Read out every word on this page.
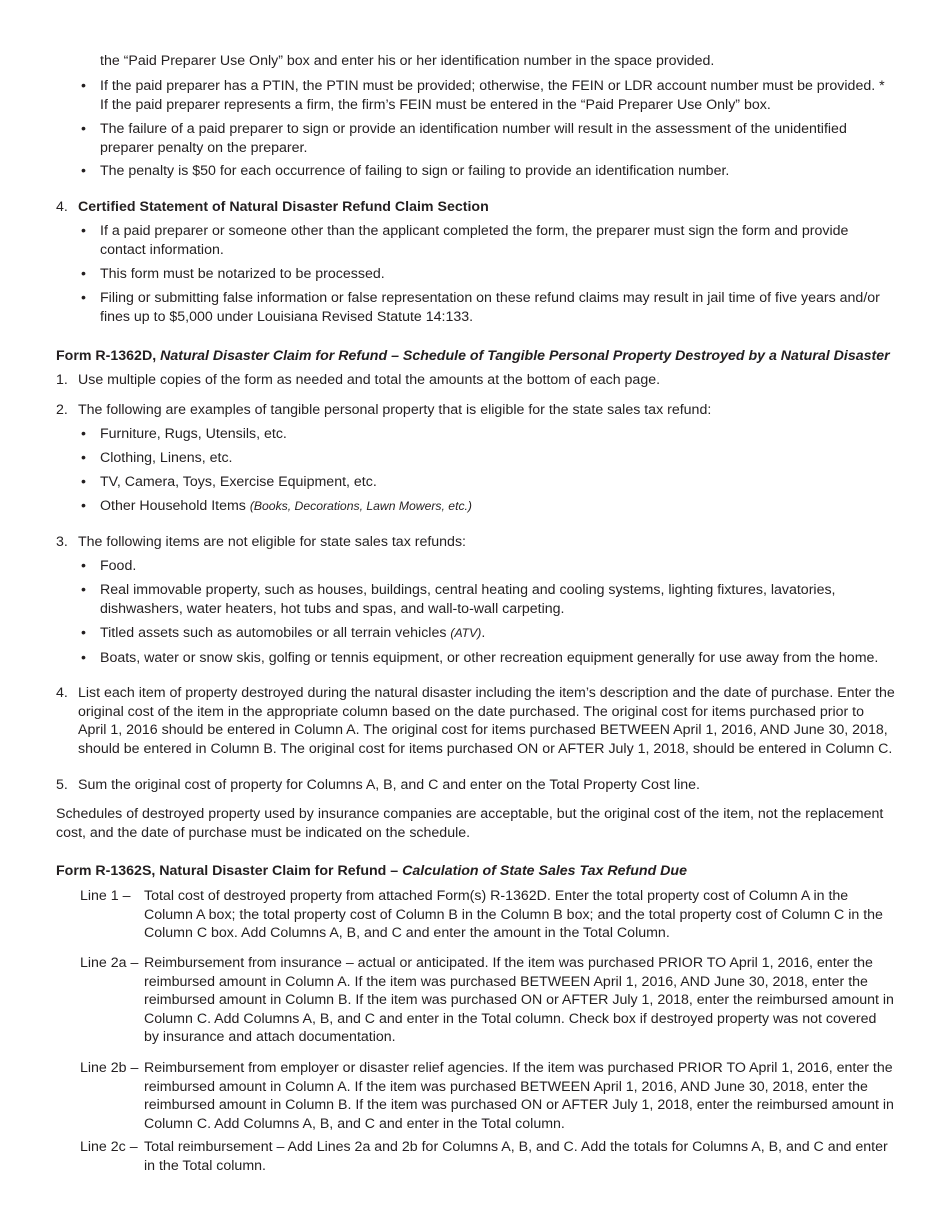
the “Paid Preparer Use Only” box and enter his or her identification number in the space provided.
• If the paid preparer has a PTIN, the PTIN must be provided; otherwise, the FEIN or LDR account number must be provided. * If the paid preparer represents a firm, the firm’s FEIN must be entered in the “Paid Preparer Use Only” box.
• The failure of a paid preparer to sign or provide an identification number will result in the assessment of the unidentified preparer penalty on the preparer.
• The penalty is $50 for each occurrence of failing to sign or failing to provide an identification number.
4. Certified Statement of Natural Disaster Refund Claim Section
• If a paid preparer or someone other than the applicant completed the form, the preparer must sign the form and provide contact information.
• This form must be notarized to be processed.
• Filing or submitting false information or false representation on these refund claims may result in jail time of five years and/or fines up to $5,000 under Louisiana Revised Statute 14:133.
Form R-1362D, Natural Disaster Claim for Refund – Schedule of Tangible Personal Property Destroyed by a Natural Disaster
1. Use multiple copies of the form as needed and total the amounts at the bottom of each page.
2. The following are examples of tangible personal property that is eligible for the state sales tax refund:
• Furniture, Rugs, Utensils, etc.
• Clothing, Linens, etc.
• TV, Camera, Toys, Exercise Equipment, etc.
• Other Household Items (Books, Decorations, Lawn Mowers, etc.)
3. The following items are not eligible for state sales tax refunds:
• Food.
• Real immovable property, such as houses, buildings, central heating and cooling systems, lighting fixtures, lavatories, dishwashers, water heaters, hot tubs and spas, and wall-to-wall carpeting.
• Titled assets such as automobiles or all terrain vehicles (ATV).
• Boats, water or snow skis, golfing or tennis equipment, or other recreation equipment generally for use away from the home.
4. List each item of property destroyed during the natural disaster including the item’s description and the date of purchase. Enter the original cost of the item in the appropriate column based on the date purchased. The original cost for items purchased prior to April 1, 2016 should be entered in Column A. The original cost for items purchased BETWEEN April 1, 2016, AND June 30, 2018, should be entered in Column B. The original cost for items purchased ON or AFTER July 1, 2018, should be entered in Column C.
5. Sum the original cost of property for Columns A, B, and C and enter on the Total Property Cost line.
Schedules of destroyed property used by insurance companies are acceptable, but the original cost of the item, not the replacement cost, and the date of purchase must be indicated on the schedule.
Form R-1362S, Natural Disaster Claim for Refund – Calculation of State Sales Tax Refund Due
Line 1 – Total cost of destroyed property from attached Form(s) R-1362D. Enter the total property cost of Column A in the Column A box; the total property cost of Column B in the Column B box; and the total property cost of Column C in the Column C box. Add Columns A, B, and C and enter the amount in the Total Column.
Line 2a – Reimbursement from insurance – actual or anticipated. If the item was purchased PRIOR TO April 1, 2016, enter the reimbursed amount in Column A. If the item was purchased BETWEEN April 1, 2016, AND June 30, 2018, enter the reimbursed amount in Column B. If the item was purchased ON or AFTER July 1, 2018, enter the reimbursed amount in Column C. Add Columns A, B, and C and enter in the Total column. Check box if destroyed property was not covered by insurance and attach documentation.
Line 2b – Reimbursement from employer or disaster relief agencies. If the item was purchased PRIOR TO April 1, 2016, enter the reimbursed amount in Column A. If the item was purchased BETWEEN April 1, 2016, AND June 30, 2018, enter the reimbursed amount in Column B. If the item was purchased ON or AFTER July 1, 2018, enter the reimbursed amount in Column C. Add Columns A, B, and C and enter in the Total column.
Line 2c – Total reimbursement – Add Lines 2a and 2b for Columns A, B, and C. Add the totals for Columns A, B, and C and enter in the Total column.
